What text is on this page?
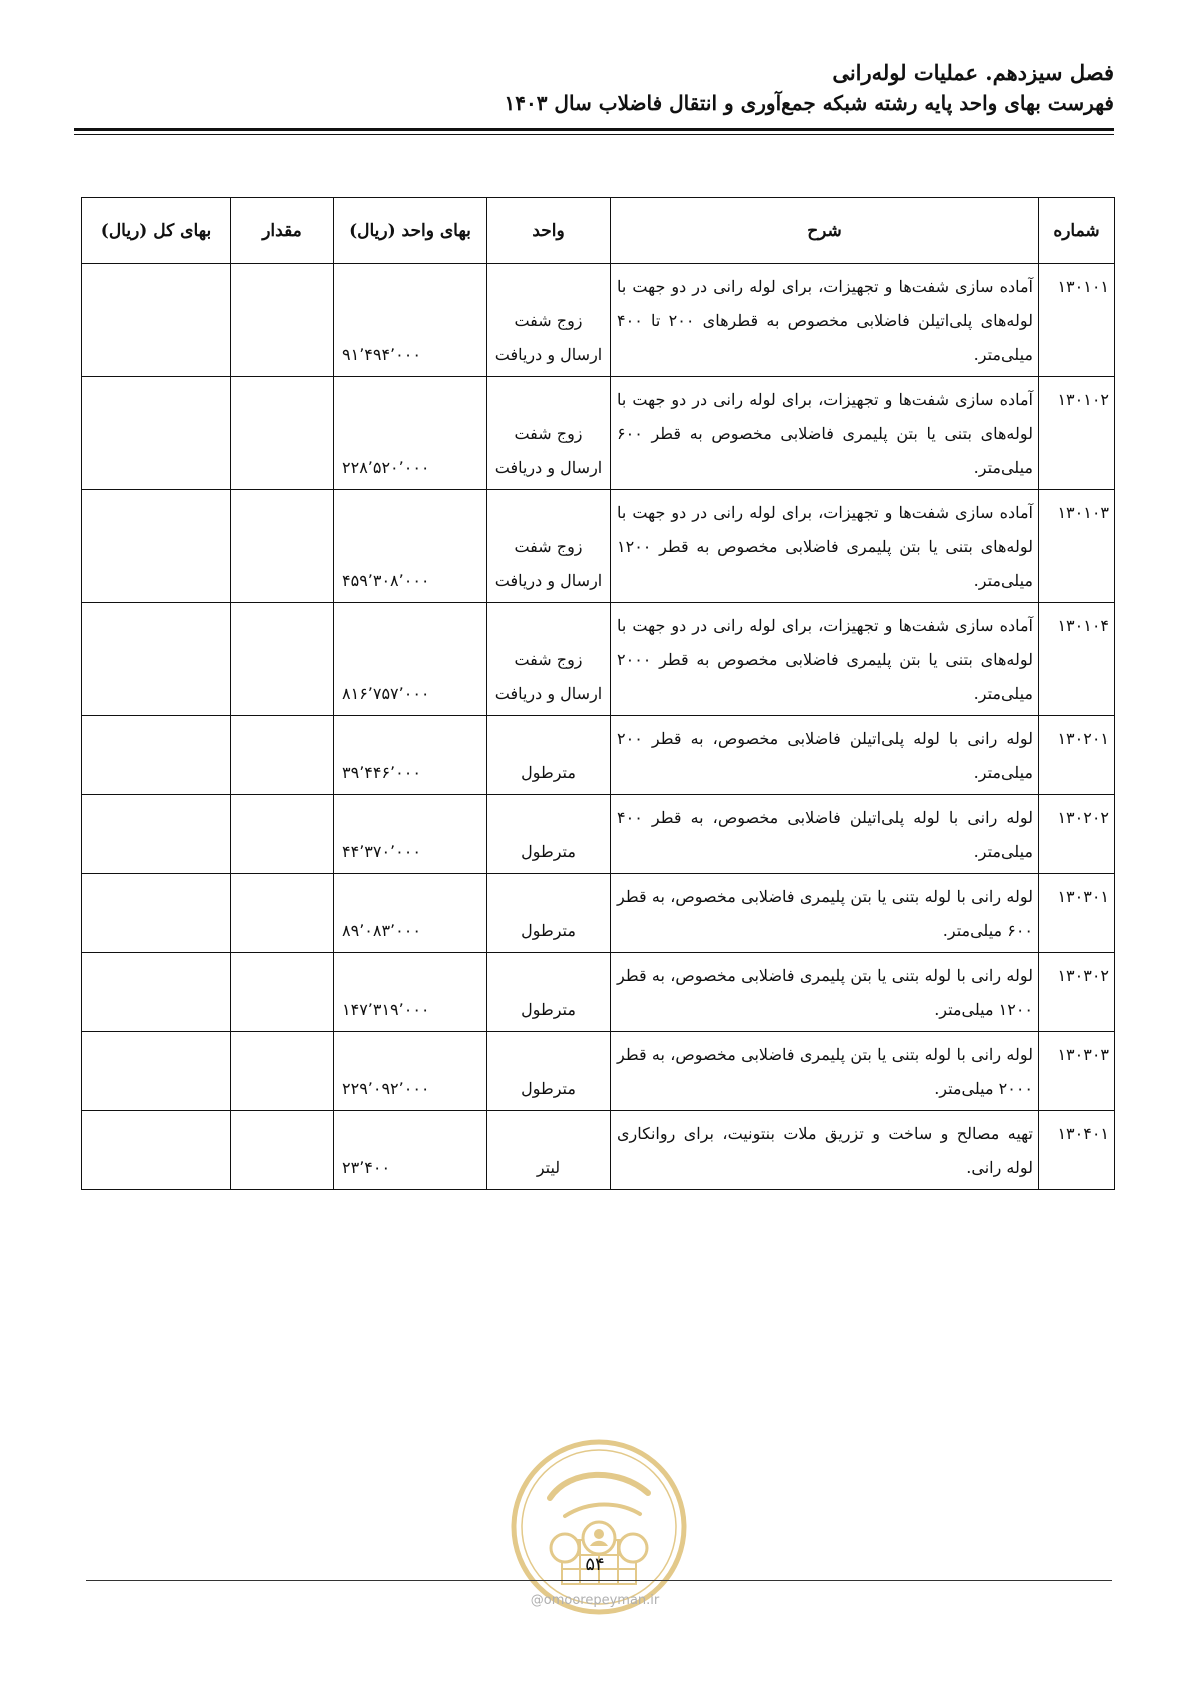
فصل سیزدهم. عملیات لوله‌رانی
فهرست بهای واحد پایه رشته شبکه جمع‌آوری و انتقال فاضلاب سال ۱۴۰۳
شماره	شرح	واحد	بهای واحد (ریال)	مقدار	بهای کل (ریال)
۱۳۰۱۰۱	آماده سازی شفت‌ها و تجهیزات، برای لوله رانی در دو جهت با لوله‌های پلی‌اتیلن فاضلابی مخصوص به قطرهای ۲۰۰ تا ۴۰۰ میلی‌متر.	زوج شفت ارسال و دریافت	۹۱٬۴۹۴٬۰۰۰		
۱۳۰۱۰۲	آماده سازی شفت‌ها و تجهیزات، برای لوله رانی در دو جهت با لوله‌های بتنی یا بتن پلیمری فاضلابی مخصوص به قطر ۶۰۰ میلی‌متر.	زوج شفت ارسال و دریافت	۲۲۸٬۵۲۰٬۰۰۰		
۱۳۰۱۰۳	آماده سازی شفت‌ها و تجهیزات، برای لوله رانی در دو جهت با لوله‌های بتنی یا بتن پلیمری فاضلابی مخصوص به قطر ۱۲۰۰ میلی‌متر.	زوج شفت ارسال و دریافت	۴۵۹٬۳۰۸٬۰۰۰		
۱۳۰۱۰۴	آماده سازی شفت‌ها و تجهیزات، برای لوله رانی در دو جهت با لوله‌های بتنی یا بتن پلیمری فاضلابی مخصوص به قطر ۲۰۰۰ میلی‌متر.	زوج شفت ارسال و دریافت	۸۱۶٬۷۵۷٬۰۰۰		
۱۳۰۲۰۱	لوله رانی با لوله پلی‌اتیلن فاضلابی مخصوص، به قطر ۲۰۰ میلی‌متر.	مترطول	۳۹٬۴۴۶٬۰۰۰		
۱۳۰۲۰۲	لوله رانی با لوله پلی‌اتیلن فاضلابی مخصوص، به قطر ۴۰۰ میلی‌متر.	مترطول	۴۴٬۳۷۰٬۰۰۰		
۱۳۰۳۰۱	لوله رانی با لوله بتنی یا بتن پلیمری فاضلابی مخصوص، به قطر ۶۰۰ میلی‌متر.	مترطول	۸۹٬۰۸۳٬۰۰۰		
۱۳۰۳۰۲	لوله رانی با لوله بتنی یا بتن پلیمری فاضلابی مخصوص، به قطر ۱۲۰۰ میلی‌متر.	مترطول	۱۴۷٬۳۱۹٬۰۰۰		
۱۳۰۳۰۳	لوله رانی با لوله بتنی یا بتن پلیمری فاضلابی مخصوص، به قطر ۲۰۰۰ میلی‌متر.	مترطول	۲۲۹٬۰۹۲٬۰۰۰		
۱۳۰۴۰۱	تهیه مصالح و ساخت و تزریق ملات بنتونیت، برای روانکاری لوله رانی.	لیتر	۲۳٬۴۰۰		
۵۴
@omoorepeyman.ir
